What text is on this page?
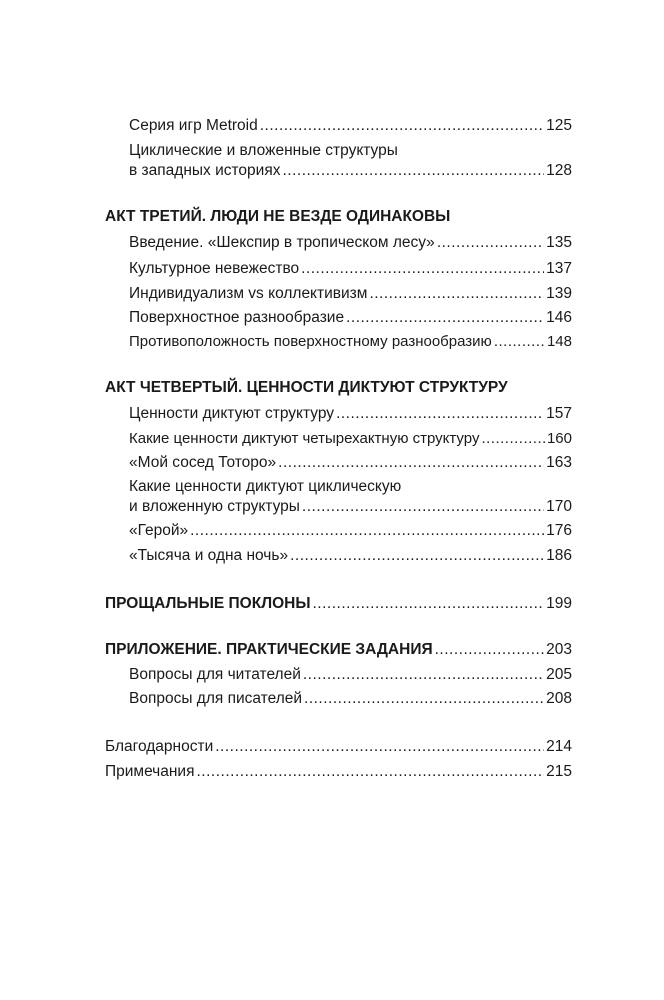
Серия игр Metroid .....	125
Циклические и вложенные структуры
в западных историях .....	128
АКТ ТРЕТИЙ. ЛЮДИ НЕ ВЕЗДЕ ОДИНАКОВЫ
Введение. «Шекспир в тропическом лесу» .....	135
Культурное невежество .....	137
Индивидуализм vs коллективизм .....	139
Поверхностное разнообразие .....	146
Противоположность поверхностному разнообразию .....	148
АКТ ЧЕТВЕРТЫЙ. ЦЕННОСТИ ДИКТУЮТ СТРУКТУРУ
Ценности диктуют структуру .....	157
Какие ценности диктуют четырехактную структуру .....	160
«Мой сосед Тоторо» .....	163
Какие ценности диктуют циклическую
и вложенную структуры .....	170
«Герой» .....	176
«Тысяча и одна ночь» .....	186
ПРОЩАЛЬНЫЕ ПОКЛОНЫ .....	199
ПРИЛОЖЕНИЕ. ПРАКТИЧЕСКИЕ ЗАДАНИЯ .....	203
Вопросы для читателей .....	205
Вопросы для писателей .....	208
Благодарности .....	214
Примечания .....	215
